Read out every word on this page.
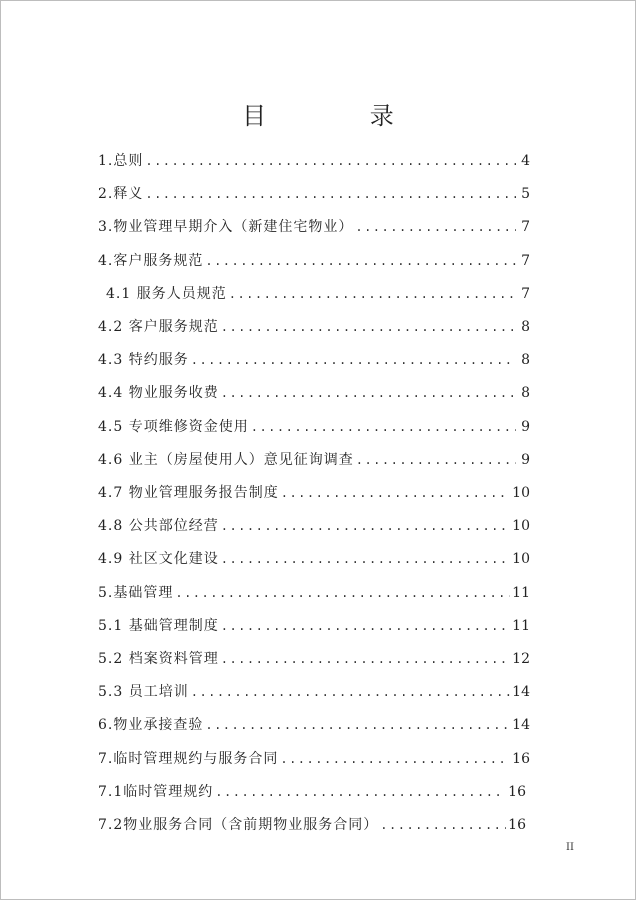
目 录
1.总则 .....	4
2.释义 .....	5
3.物业管理早期介入（新建住宅物业） .....	7
4.客户服务规范 .....	7
4.1 服务人员规范 .....	7
4.2 客户服务规范 .....	8
4.3 特约服务 .....	8
4.4 物业服务收费 .....	8
4.5 专项维修资金使用 .....	9
4.6 业主（房屋使用人）意见征询调查 .....	9
4.7 物业管理服务报告制度 .....	10
4.8 公共部位经营 .....	10
4.9 社区文化建设 .....	10
5.基础管理 .....	11
5.1 基础管理制度 .....	11
5.2 档案资料管理 .....	12
5.3 员工培训 .....	14
6.物业承接查验 .....	14
7.临时管理规约与服务合同 .....	16
7.1临时管理规约 .....	16
7.2物业服务合同（含前期物业服务合同） .....	16
II
